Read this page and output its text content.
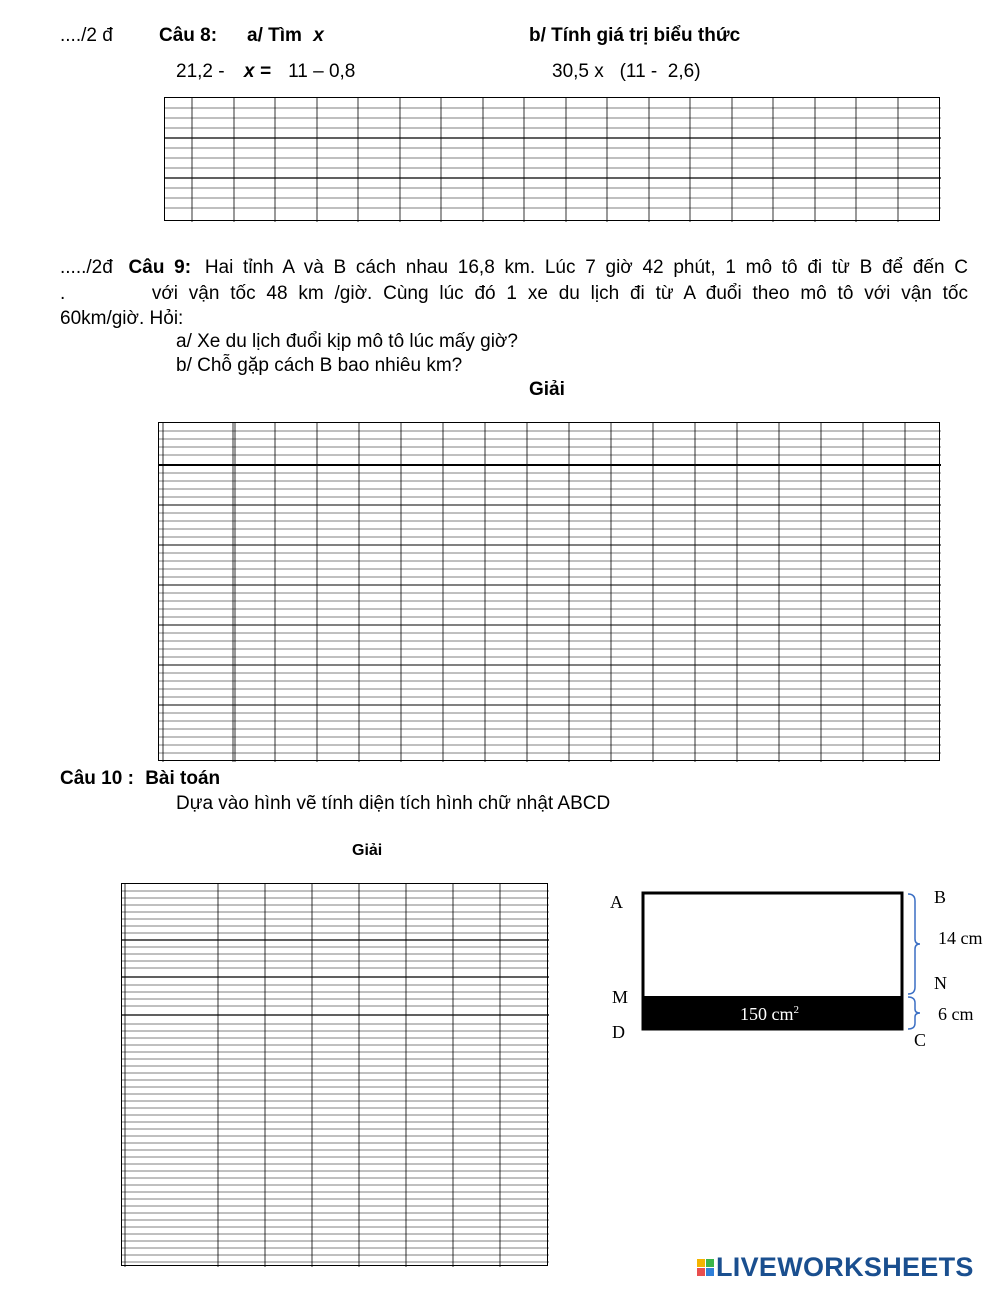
..../2 đ Câu 8: a/ Tìm x	b/ Tính giá trị biểu thức
21,2 - x = 11 – 0,8	30,5 x   (11 -  2,6)
...../2đ Câu 9: Hai tỉnh A và B cách nhau 16,8 km. Lúc 7 giờ 42 phút, 1 mô tô đi từ B để đến C
.        với vận tốc 48 km /giờ. Cùng lúc đó 1 xe du lịch đi từ A đuổi theo mô tô với vận tốc
60km/giờ. Hỏi:
a/ Xe du lịch đuổi kịp mô tô lúc mấy giờ?
b/ Chỗ gặp cách B bao nhiêu km?
Giải
Câu 10 : Bài toán
Dựa vào hình vẽ tính diện tích hình chữ nhật ABCD
Giải
A	B
14 cm
M
N
6 cm
D	C
150 $cm^2$
LIVEWORKSHEETS
